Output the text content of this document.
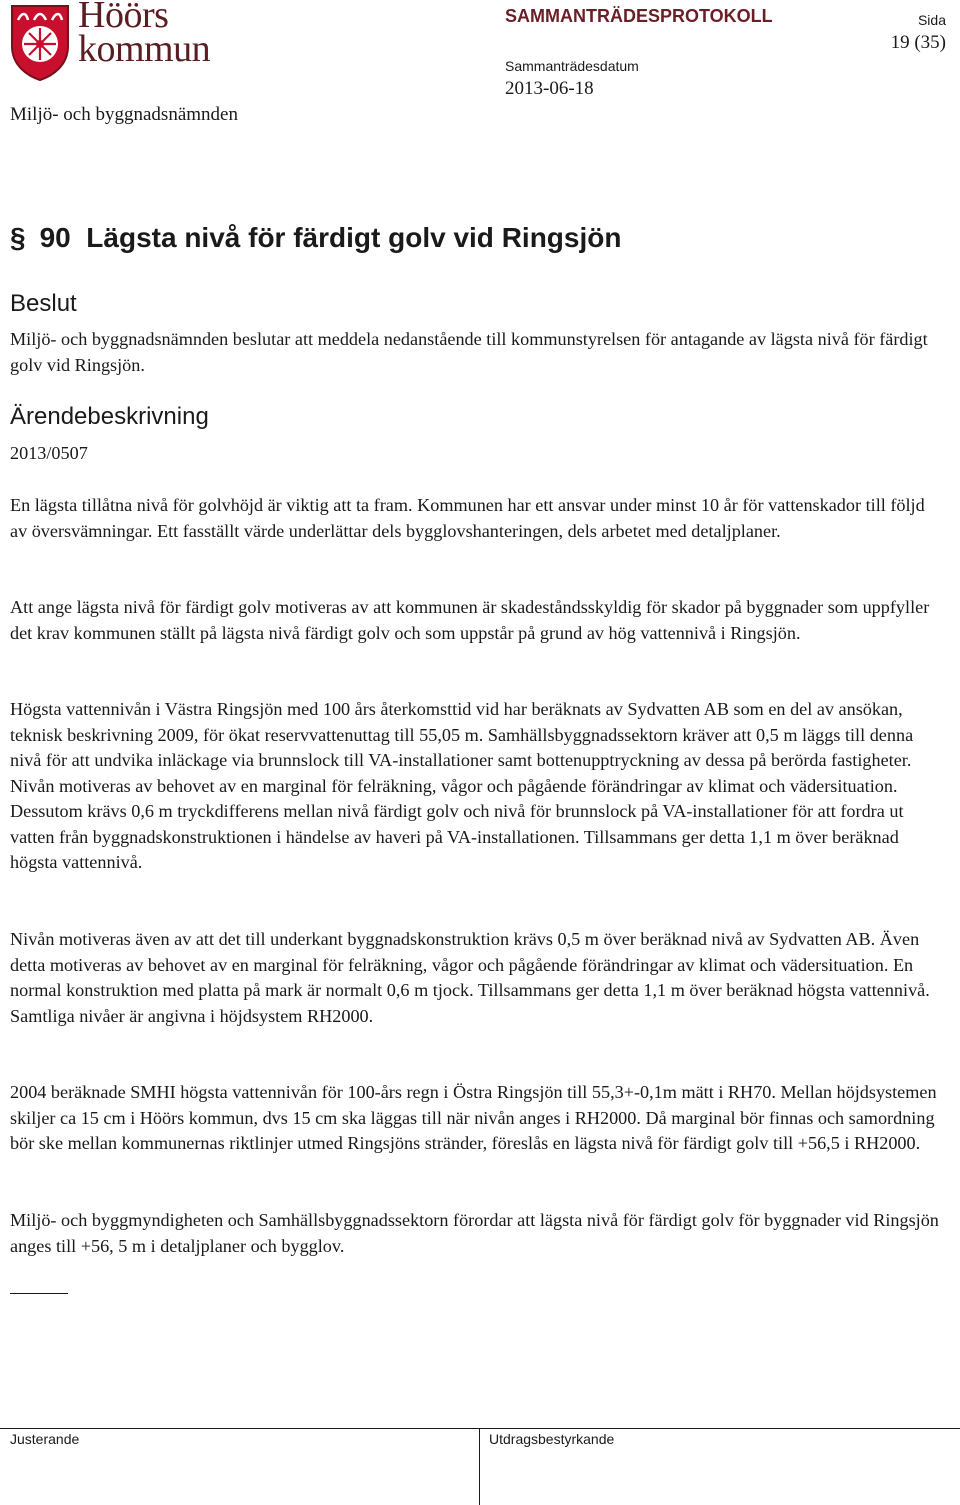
Höörs
kommun
Miljö- och byggnadsnämnden
SAMMANTRÄDESPROTOKOLL
Sammanträdesdatum
2013-06-18
Sida
19 (35)
§ 90 Lägsta nivå för färdigt golv vid Ringsjön
Beslut

Miljö- och byggnadsnämnden beslutar att meddela nedanstående till kommunstyrelsen för antagande av lägsta nivå för färdigt golv vid Ringsjön.

Ärendebeskrivning

2013/0507

En lägsta tillåtna nivå för golvhöjd är viktig att ta fram. Kommunen har ett ansvar under minst 10 år för vattenskador till följd av översvämningar. Ett fasställt värde underlättar dels bygglovshanteringen, dels arbetet med detaljplaner.

Att ange lägsta nivå för färdigt golv motiveras av att kommunen är skadeståndsskyldig för skador på byggnader som uppfyller det krav kommunen ställt på lägsta nivå färdigt golv och som uppstår på grund av hög vattennivå i Ringsjön.

Högsta vattennivån i Västra Ringsjön med 100 års återkomsttid vid har beräknats av Sydvatten AB som en del av ansökan, teknisk beskrivning 2009, för ökat reservvattenuttag till 55,05 m. Samhällsbyggnadssektorn kräver att 0,5 m läggs till denna nivå för att undvika inläckage via brunnslock till VA-installationer samt bottenupptryckning av dessa på berörda fastigheter. Nivån motiveras av behovet av en marginal för felräkning, vågor och pågående förändringar av klimat och vädersituation. Dessutom krävs 0,6 m tryckdifferens mellan nivå färdigt golv och nivå för brunnslock på VA-installationer för att fordra ut vatten från byggnadskonstruktionen i händelse av haveri på VA-installationen. Tillsammans ger detta 1,1 m över beräknad högsta vattennivå.

Nivån motiveras även av att det till underkant byggnadskonstruktion krävs 0,5 m över beräknad nivå av Sydvatten AB. Även detta motiveras av behovet av en marginal för felräkning, vågor och pågående förändringar av klimat och vädersituation. En normal konstruktion med platta på mark är normalt 0,6 m tjock. Tillsammans ger detta 1,1 m över beräknad högsta vattennivå. Samtliga nivåer är angivna i höjdsystem RH2000.

2004 beräknade SMHI högsta vattennivån för 100-års regn i Östra Ringsjön till 55,3+-0,1m mätt i RH70. Mellan höjdsystemen skiljer ca 15 cm i Höörs kommun, dvs 15 cm ska läggas till när nivån anges i RH2000. Då marginal bör finnas och samordning bör ske mellan kommunernas riktlinjer utmed Ringsjöns stränder, föreslås en lägsta nivå för färdigt golv till +56,5 i RH2000.

Miljö- och byggmyndigheten och Samhällsbyggnadssektorn förordar att lägsta nivå för färdigt golv för byggnader vid Ringsjön anges till +56, 5 m i detaljplaner och bygglov.

Justerande	Utdragsbestyrkande
